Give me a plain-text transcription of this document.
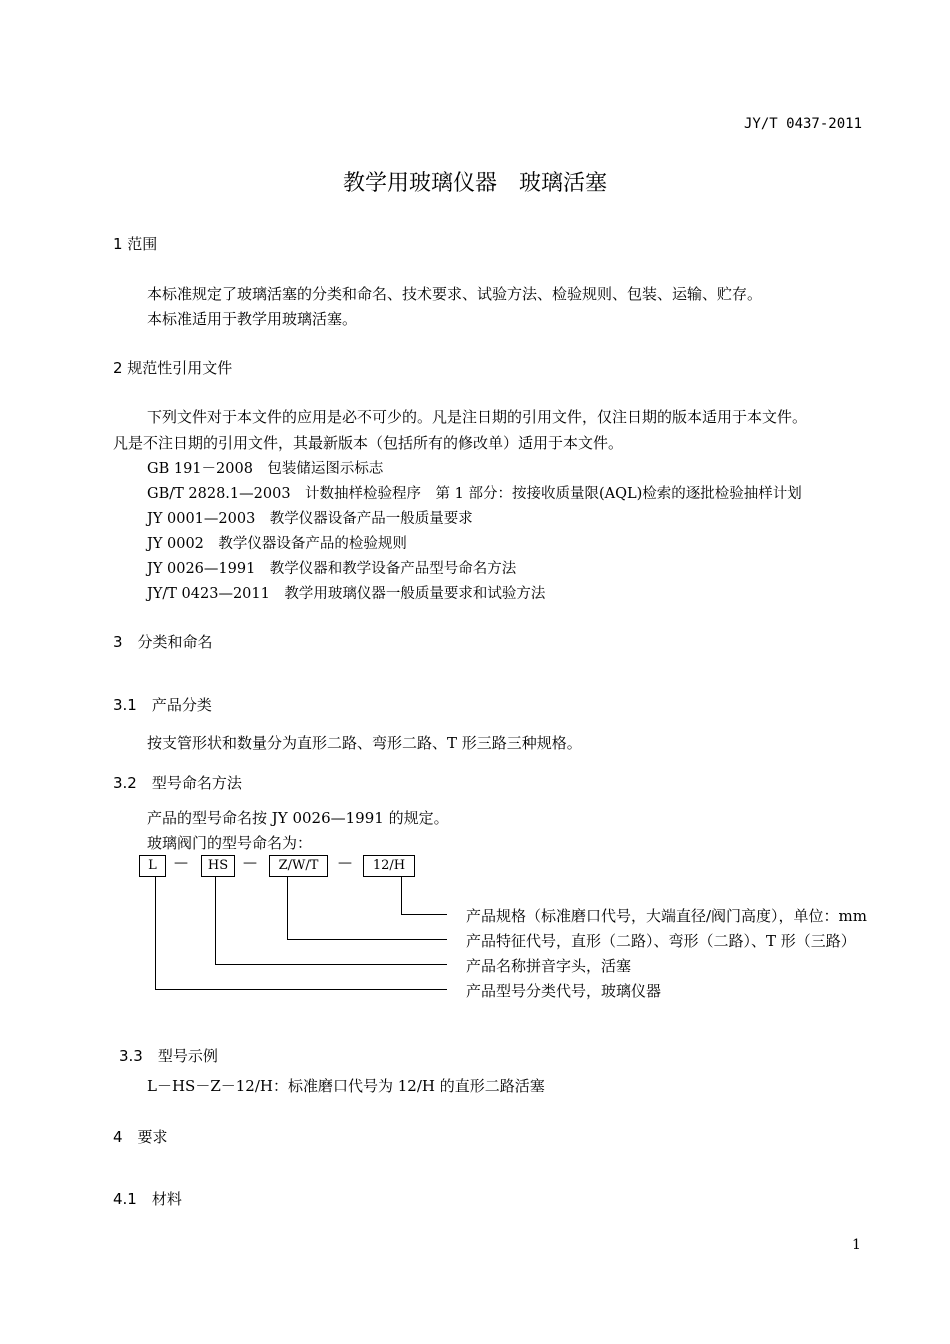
JY/T 0437-2011
教学用玻璃仪器　玻璃活塞
1 范围
本标准规定了玻璃活塞的分类和命名、技术要求、试验方法、检验规则、包装、运输、贮存。
本标准适用于教学用玻璃活塞。
2 规范性引用文件
下列文件对于本文件的应用是必不可少的。凡是注日期的引用文件，仅注日期的版本适用于本文件。
凡是不注日期的引用文件，其最新版本（包括所有的修改单）适用于本文件。
GB 191－2008　包装储运图示标志
GB/T 2828.1—2003　计数抽样检验程序　第 1 部分：按接收质量限(AQL)检索的逐批检验抽样计划
JY 0001—2003　教学仪器设备产品一般质量要求
JY 0002　教学仪器设备产品的检验规则
JY 0026—1991　教学仪器和教学设备产品型号命名方法
JY/T 0423—2011　教学用玻璃仪器一般质量要求和试验方法
3　分类和命名
3.1　产品分类
按支管形状和数量分为直形二路、弯形二路、T 形三路三种规格。
3.2　型号命名方法
产品的型号命名按 JY 0026—1991 的规定。
玻璃阀门的型号命名为：
L	—	HS	—	Z/W/T	—	12/H
产品规格（标准磨口代号，大端直径/阀门高度），单位：mm
产品特征代号，直形（二路）、弯形（二路）、T 形（三路）
产品名称拼音字头，活塞
产品型号分类代号，玻璃仪器
3.3　型号示例
L－HS－Z－12/H：标准磨口代号为 12/H 的直形二路活塞
4　要求
4.1　材料
1
